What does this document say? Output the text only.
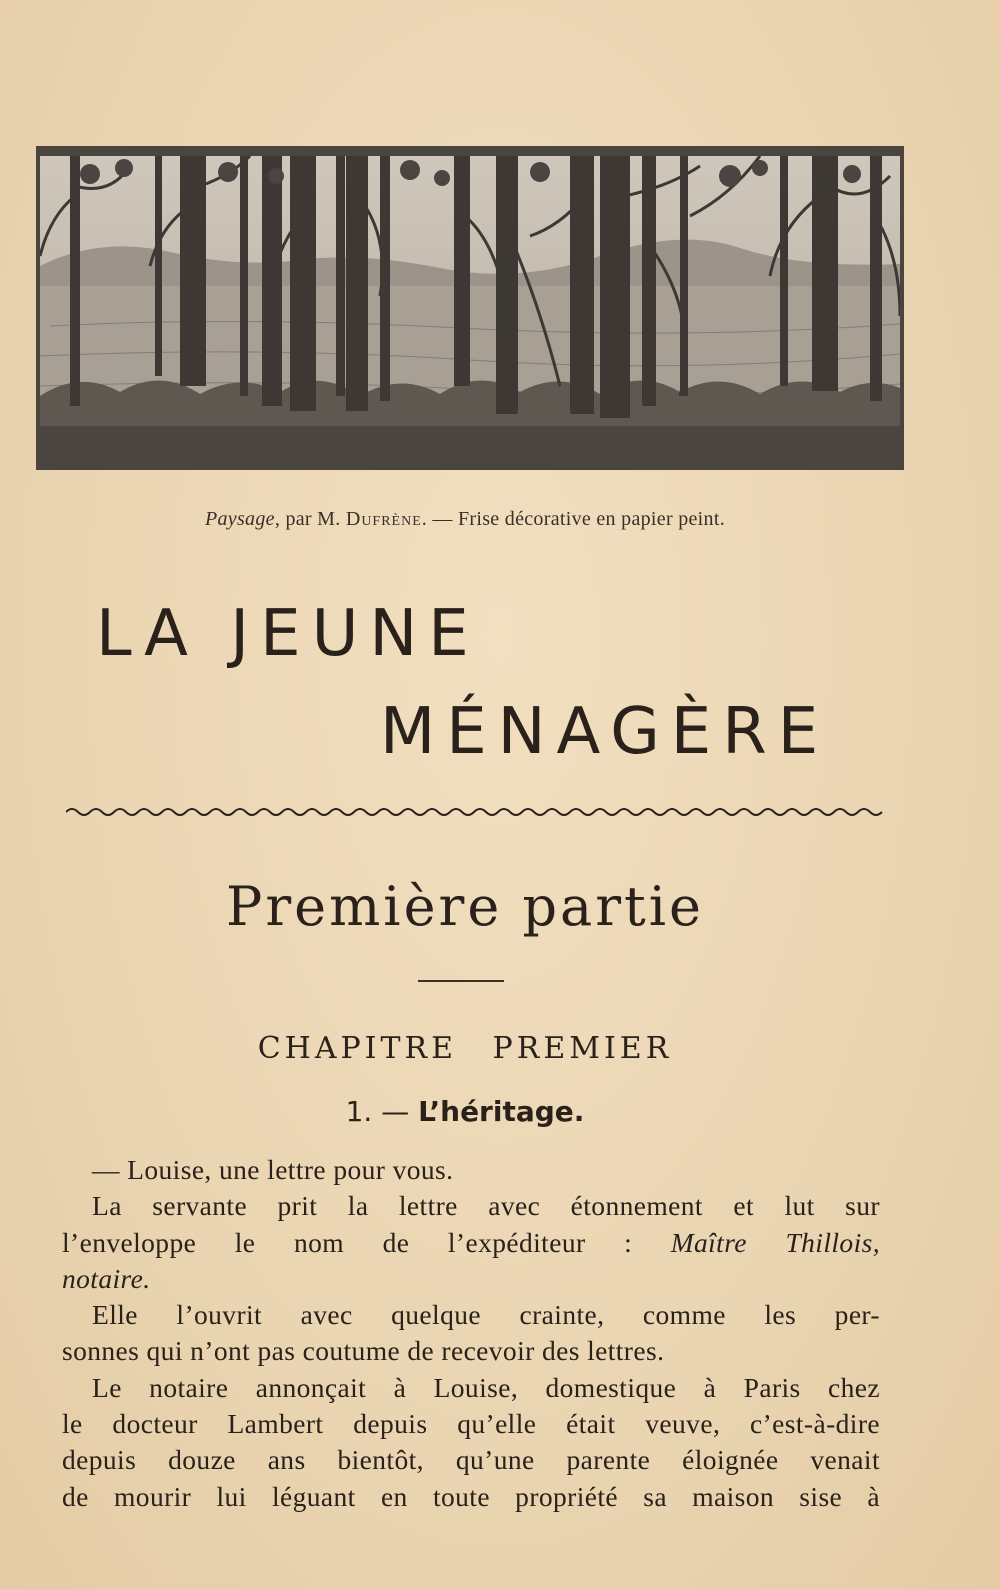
Paysage, par M. Dufrène. — Frise décorative en papier peint.
LA JEUNE
MÉNAGÈRE
Première partie
CHAPITRE PREMIER
1. — L’héritage.
— Louise, une lettre pour vous.
La servante prit la lettre avec étonnement et lut sur
l’enveloppe le nom de l’expéditeur : Maître Thillois,
notaire.
Elle l’ouvrit avec quelque crainte, comme les per-
sonnes qui n’ont pas coutume de recevoir des lettres.
Le notaire annonçait à Louise, domestique à Paris chez
le docteur Lambert depuis qu’elle était veuve, c’est-à-dire
depuis douze ans bientôt, qu’une parente éloignée venait
de mourir lui léguant en toute propriété sa maison sise à
